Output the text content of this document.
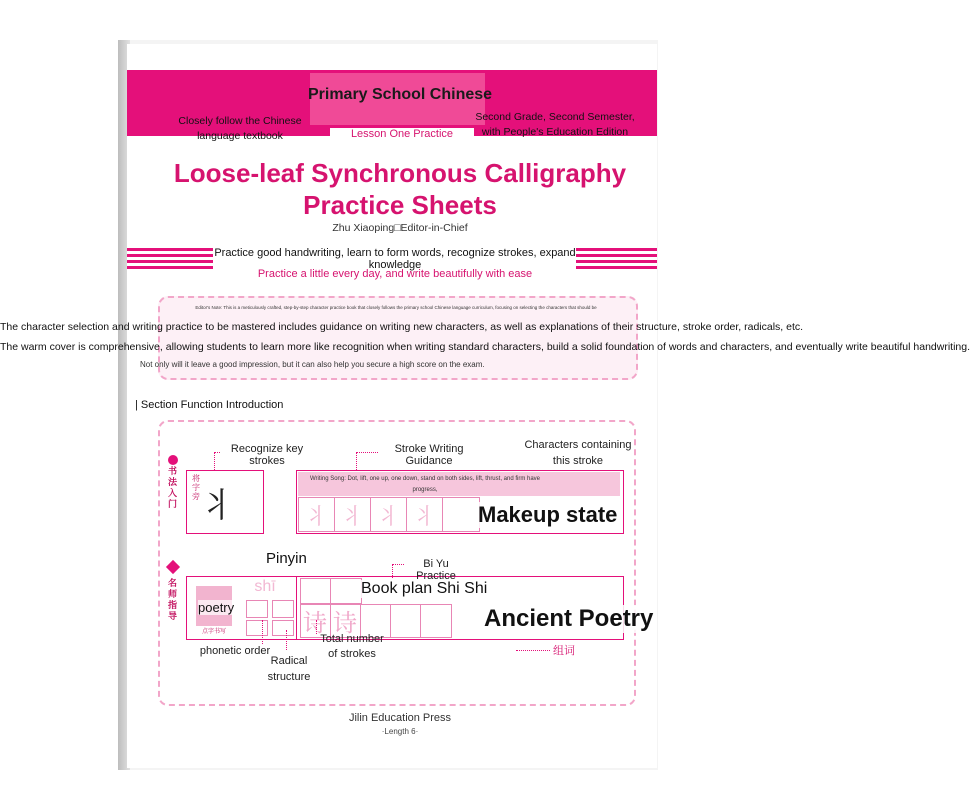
Primary School Chinese
Closely follow the Chinese language textbook
Second Grade, Second Semester, with People's Education Edition
Lesson One Practice
Loose-leaf Synchronous Calligraphy Practice Sheets
Zhu Xiaoping□Editor-in-Chief
Practice good handwriting, learn to form words, recognize strokes, expand knowledge
Practice a little every day, and write beautifully with ease
Editor's Note: This is a meticulously crafted, step-by-step character practice book that closely follows the primary school Chinese language curriculum, focusing on selecting the characters that should be
The character selection and writing practice to be mastered includes guidance on writing new characters, as well as explanations of their structure, stroke order, radicals, etc.
The warm cover is comprehensive, allowing students to learn more like recognition when writing standard characters, build a solid foundation of words and characters, and eventually write beautiful handwriting.
Not only will it leave a good impression, but it can also help you secure a high score on the exam.
| Section Function Introduction
书法入门
将字旁 丬
Recognize key strokes
Writing Song: Dot, lift, one up, one down, stand on both sides, lift, thrust, and firm have progress,
丬 丬 丬 丬
Stroke Writing Guidance
Characters containing this stroke
Makeup state
名师指导
poetry
点字书写
shī
Pinyin
诗 诗
Book plan Shi Shi
Bi Yu Practice
Ancient Poetry
组词
phonetic order
Radical structure
Total number of strokes
Jilin Education Press
·Length 6·
